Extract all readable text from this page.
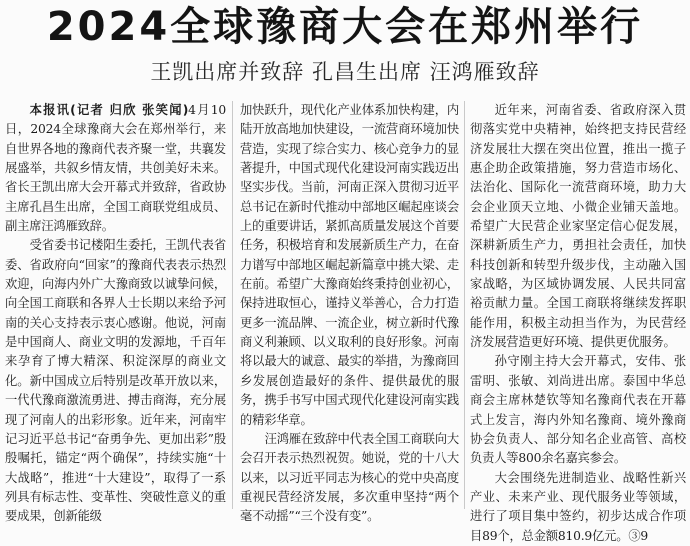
2024全球豫商大会在郑州举行
王凯出席并致辞 孔昌生出席 汪鸿雁致辞

本报讯(记者 归欣 张笑闻)4月10日，2024全球豫商大会在郑州举行，来自世界各地的豫商代表齐聚一堂，共襄发展盛举，共叙乡情友情，共创美好未来。省长王凯出席大会开幕式并致辞，省政协主席孔昌生出席，全国工商联党组成员、副主席汪鸿雁致辞。

受省委书记楼阳生委托，王凯代表省委、省政府向“回家”的豫商代表表示热烈欢迎，向海内外广大豫商致以诚挚问候，向全国工商联和各界人士长期以来给予河南的关心支持表示衷心感谢。他说，河南是中国商人、商业文明的发源地，千百年来孕育了博大精深、积淀深厚的商业文化。新中国成立后特别是改革开放以来，一代代豫商激流勇进、搏击商海，充分展现了河南人的出彩形象。近年来，河南牢记习近平总书记“奋勇争先、更加出彩”殷殷嘱托，锚定“两个确保”，持续实施“十大战略”，推进“十大建设”，取得了一系列具有标志性、变革性、突破性意义的重要成果，创新能级

加快跃升，现代化产业体系加快构建，内陆开放高地加快建设，一流营商环境加快营造，实现了综合实力、核心竞争力的显著提升，中国式现代化建设河南实践迈出坚实步伐。当前，河南正深入贯彻习近平总书记在新时代推动中部地区崛起座谈会上的重要讲话，紧抓高质量发展这个首要任务，积极培育和发展新质生产力，在奋力谱写中部地区崛起新篇章中挑大梁、走在前。希望广大豫商始终秉持创业初心，保持进取恒心，谨持义举善心，合力打造更多一流品牌、一流企业，树立新时代豫商义利兼顾、以义取利的良好形象。河南将以最大的诚意、最实的举措，为豫商回乡发展创造最好的条件、提供最优的服务，携手书写中国式现代化建设河南实践的精彩华章。

汪鸿雁在致辞中代表全国工商联向大会召开表示热烈祝贺。她说，党的十八大以来，以习近平同志为核心的党中央高度重视民营经济发展，多次重申坚持“两个毫不动摇”“三个没有变”。

近年来，河南省委、省政府深入贯彻落实党中央精神，始终把支持民营经济发展壮大摆在突出位置，推出一揽子惠企助企政策措施，努力营造市场化、法治化、国际化一流营商环境，助力大会企业顶天立地、小微企业铺天盖地。希望广大民营企业家坚定信心促发展，深耕新质生产力，勇担社会责任，加快科技创新和转型升级步伐，主动融入国家战略，为区域协调发展、人民共同富裕贡献力量。全国工商联将继续发挥职能作用，积极主动担当作为，为民营经济发展营造更好环境、提供更优服务。

孙守刚主持大会开幕式，安伟、张雷明、张敏、刘尚进出席。泰国中华总商会主席林楚钦等知名豫商代表在开幕式上发言，海内外知名豫商、境外豫商协会负责人、部分知名企业高管、高校负责人等800余名嘉宾参会。

大会围绕先进制造业、战略性新兴产业、未来产业、现代服务业等领域，进行了项目集中签约，初步达成合作项目89个，总金额810.9亿元。③9
